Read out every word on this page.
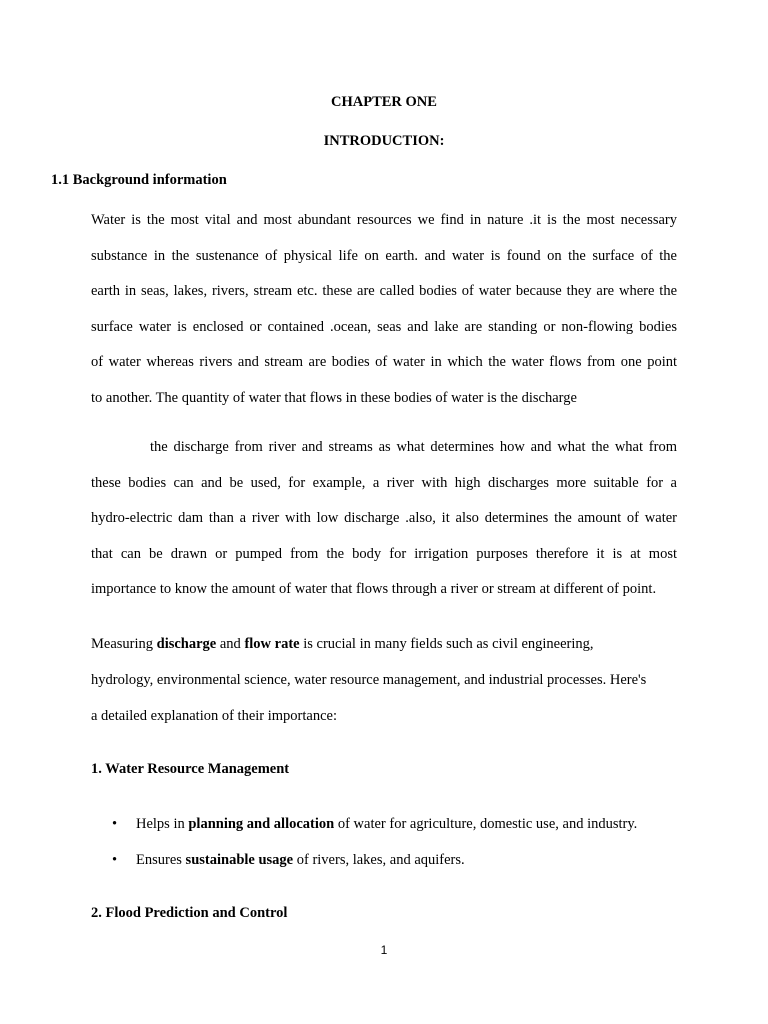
CHAPTER ONE

INTRODUCTION:

1.1 Background information

Water is the most vital and most abundant resources we find in nature .it is the most necessary
substance in the sustenance of physical life on earth. and water is found on the surface of the
earth in seas, lakes, rivers, stream etc. these are called bodies of water because they are where the
surface water is enclosed or contained .ocean, seas and lake are standing or non-flowing bodies
of water whereas rivers and stream are bodies of water in which the water flows from one point
to another. The quantity of water that flows in these bodies of water is the discharge
the discharge from river and streams as what determines how and what the what from
these bodies can and be used, for example, a river with high discharges more suitable for a
hydro-electric dam than a river with low discharge .also, it also determines the amount of water
that can be drawn or pumped from the body for irrigation purposes therefore it is at most
importance to know the amount of water that flows through a river or stream at different of point.
Measuring discharge and flow rate is crucial in many fields such as civil engineering,
hydrology, environmental science, water resource management, and industrial processes. Here's
a detailed explanation of their importance:

1. Water Resource Management

• Helps in planning and allocation of water for agriculture, domestic use, and industry.
• Ensures sustainable usage of rivers, lakes, and aquifers.

2. Flood Prediction and Control

1
